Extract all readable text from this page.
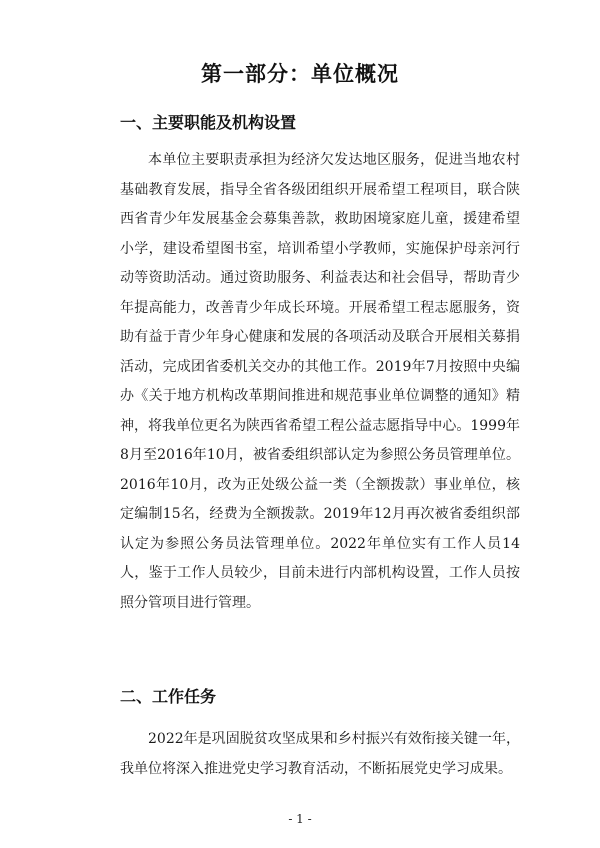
第一部分：单位概况
一、主要职能及机构设置

本单位主要职责承担为经济欠发达地区服务，促进当地农村基础教育发展，指导全省各级团组织开展希望工程项目，联合陕西省青少年发展基金会募集善款，救助困境家庭儿童，援建希望小学，建设希望图书室，培训希望小学教师，实施保护母亲河行动等资助活动。通过资助服务、利益表达和社会倡导，帮助青少年提高能力，改善青少年成长环境。开展希望工程志愿服务，资助有益于青少年身心健康和发展的各项活动及联合开展相关募捐活动，完成团省委机关交办的其他工作。2019年7月按照中央编办《关于地方机构改革期间推进和规范事业单位调整的通知》精神，将我单位更名为陕西省希望工程公益志愿指导中心。1999年8月至2016年10月，被省委组织部认定为参照公务员管理单位。2016年10月，改为正处级公益一类（全额拨款）事业单位，核定编制15名，经费为全额拨款。2019年12月再次被省委组织部认定为参照公务员法管理单位。2022年单位实有工作人员14人，鉴于工作人员较少，目前未进行内部机构设置，工作人员按照分管项目进行管理。

二、工作任务

2022年是巩固脱贫攻坚成果和乡村振兴有效衔接关键一年，我单位将深入推进党史学习教育活动，不断拓展党史学习成果。

- 1 -
